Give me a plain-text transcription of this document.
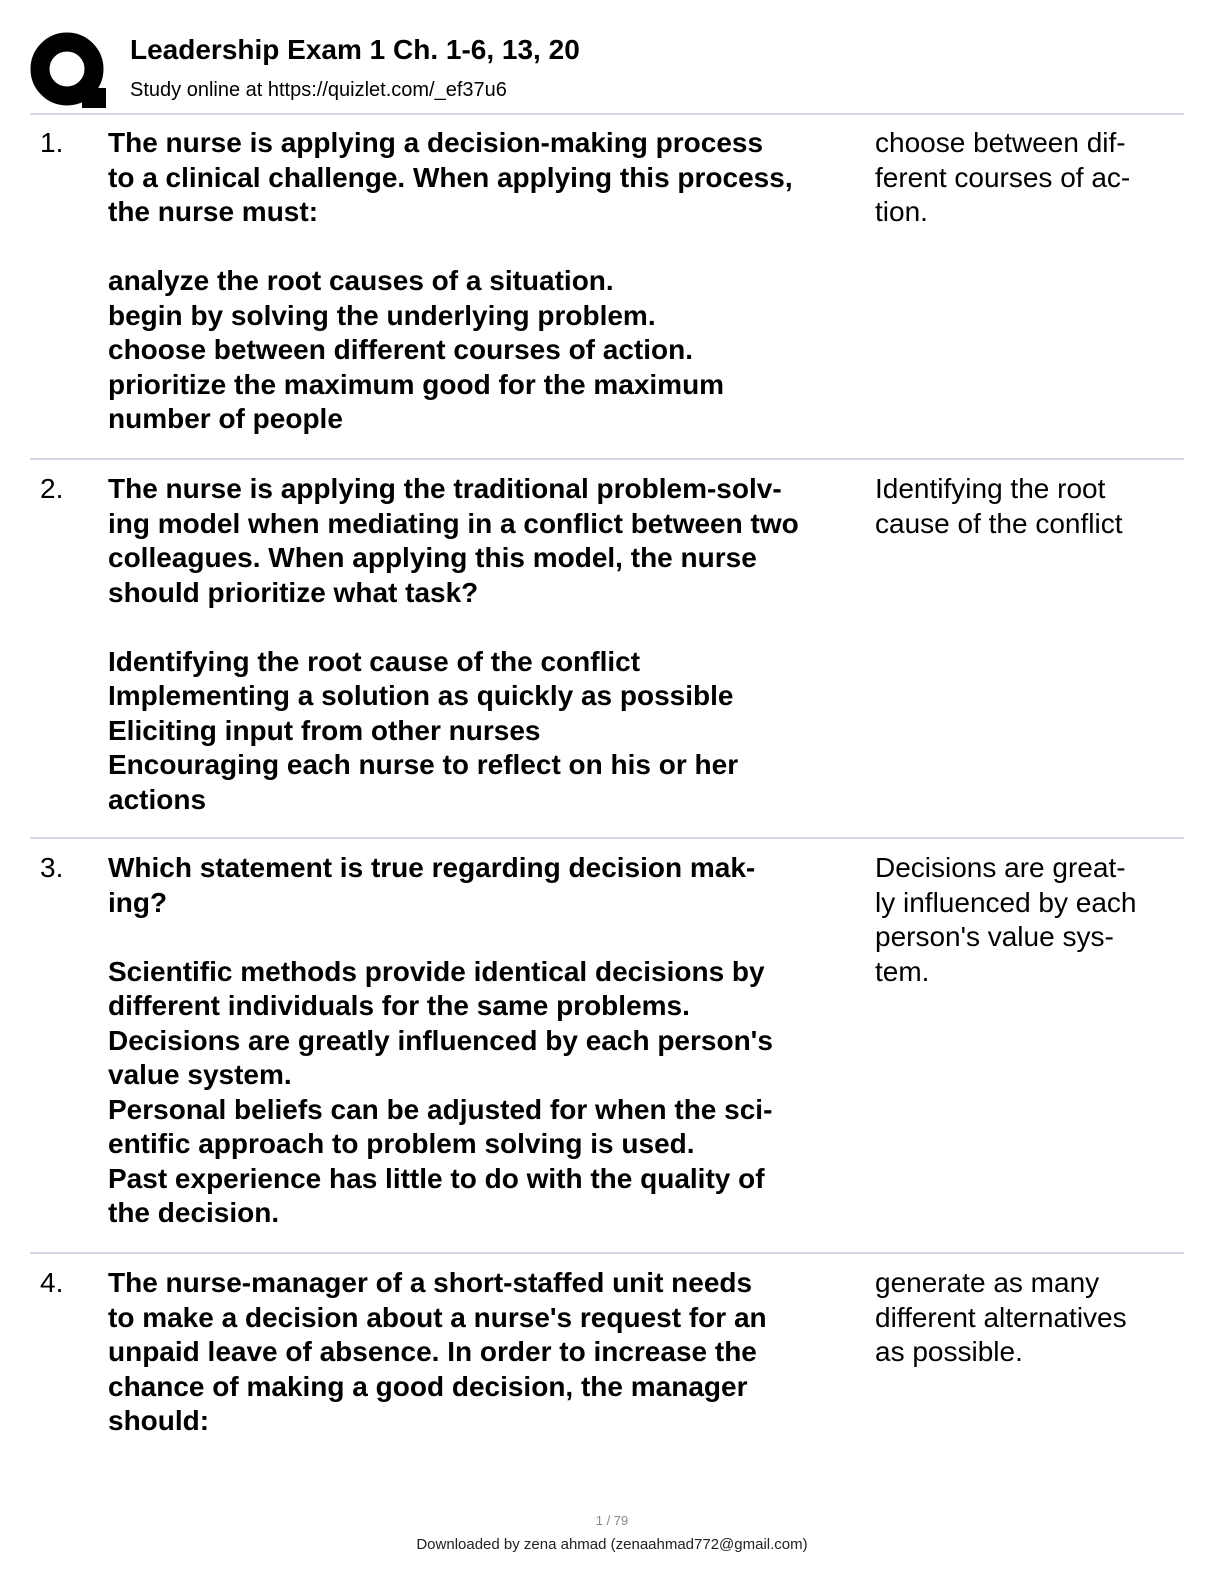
Leadership Exam 1 Ch. 1-6, 13, 20
Study online at https://quizlet.com/_ef37u6
1. The nurse is applying a decision-making process
to a clinical challenge. When applying this process,
the nurse must:
analyze the root causes of a situation.
begin by solving the underlying problem.
choose between different courses of action.
prioritize the maximum good for the maximum
number of people
choose between dif-
ferent courses of ac-
tion.
2. The nurse is applying the traditional problem-solv-
ing model when mediating in a conflict between two
colleagues. When applying this model, the nurse
should prioritize what task?
Identifying the root cause of the conflict
Implementing a solution as quickly as possible
Eliciting input from other nurses
Encouraging each nurse to reflect on his or her
actions
Identifying the root
cause of the conflict
3. Which statement is true regarding decision mak-
ing?
Scientific methods provide identical decisions by
different individuals for the same problems.
Decisions are greatly influenced by each person's
value system.
Personal beliefs can be adjusted for when the sci-
entific approach to problem solving is used.
Past experience has little to do with the quality of
the decision.
Decisions are great-
ly influenced by each
person's value sys-
tem.
4. The nurse-manager of a short-staffed unit needs
to make a decision about a nurse's request for an
unpaid leave of absence. In order to increase the
chance of making a good decision, the manager
should:
generate as many
different alternatives
as possible.
1 / 79
Downloaded by zena ahmad (zenaahmad772@gmail.com)
